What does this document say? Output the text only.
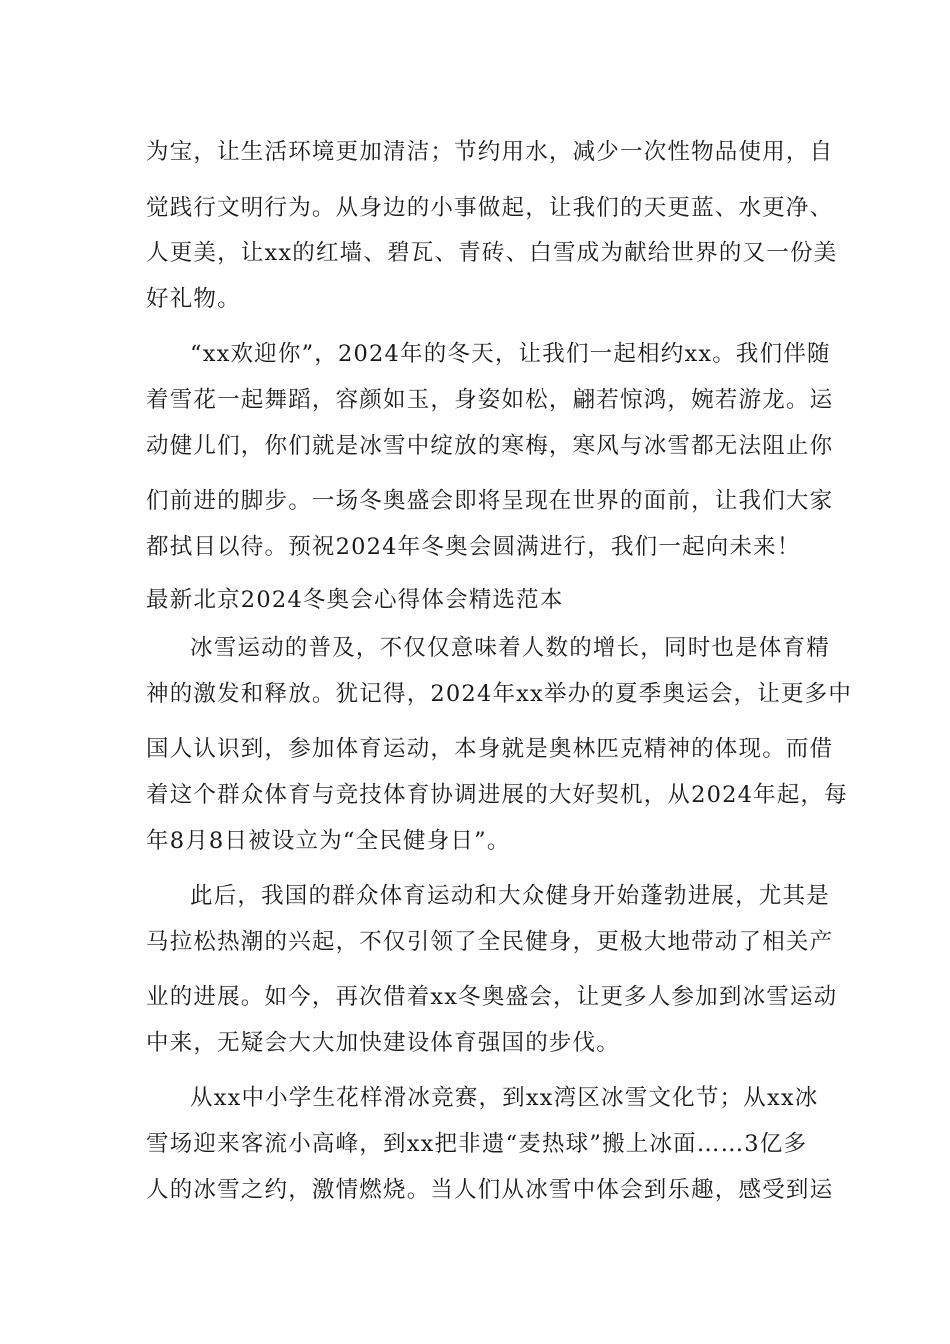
为宝，让生活环境更加清洁；节约用水，减少一次性物品使用，自
觉践行文明行为。从身边的小事做起，让我们的天更蓝、水更净、
人更美，让xx的红墙、碧瓦、青砖、白雪成为献给世界的又一份美
好礼物。
“xx欢迎你”，2024年的冬天，让我们一起相约xx。我们伴随
着雪花一起舞蹈，容颜如玉，身姿如松，翩若惊鸿，婉若游龙。运
动健儿们，你们就是冰雪中绽放的寒梅，寒风与冰雪都无法阻止你
们前进的脚步。一场冬奥盛会即将呈现在世界的面前，让我们大家
都拭目以待。预祝2024年冬奥会圆满进行，我们一起向未来！
最新北京2024冬奥会心得体会精选范本
冰雪运动的普及，不仅仅意味着人数的增长，同时也是体育精
神的激发和释放。犹记得，2024年xx举办的夏季奥运会，让更多中
国人认识到，参加体育运动，本身就是奥林匹克精神的体现。而借
着这个群众体育与竞技体育协调进展的大好契机，从2024年起，每
年8月8日被设立为“全民健身日”。
此后，我国的群众体育运动和大众健身开始蓬勃进展，尤其是
马拉松热潮的兴起，不仅引领了全民健身，更极大地带动了相关产
业的进展。如今，再次借着xx冬奥盛会，让更多人参加到冰雪运动
中来，无疑会大大加快建设体育强国的步伐。
从xx中小学生花样滑冰竞赛，到xx湾区冰雪文化节；从xx冰
雪场迎来客流小高峰，到xx把非遗“麦热球”搬上冰面……3亿多
人的冰雪之约，激情燃烧。当人们从冰雪中体会到乐趣，感受到运
